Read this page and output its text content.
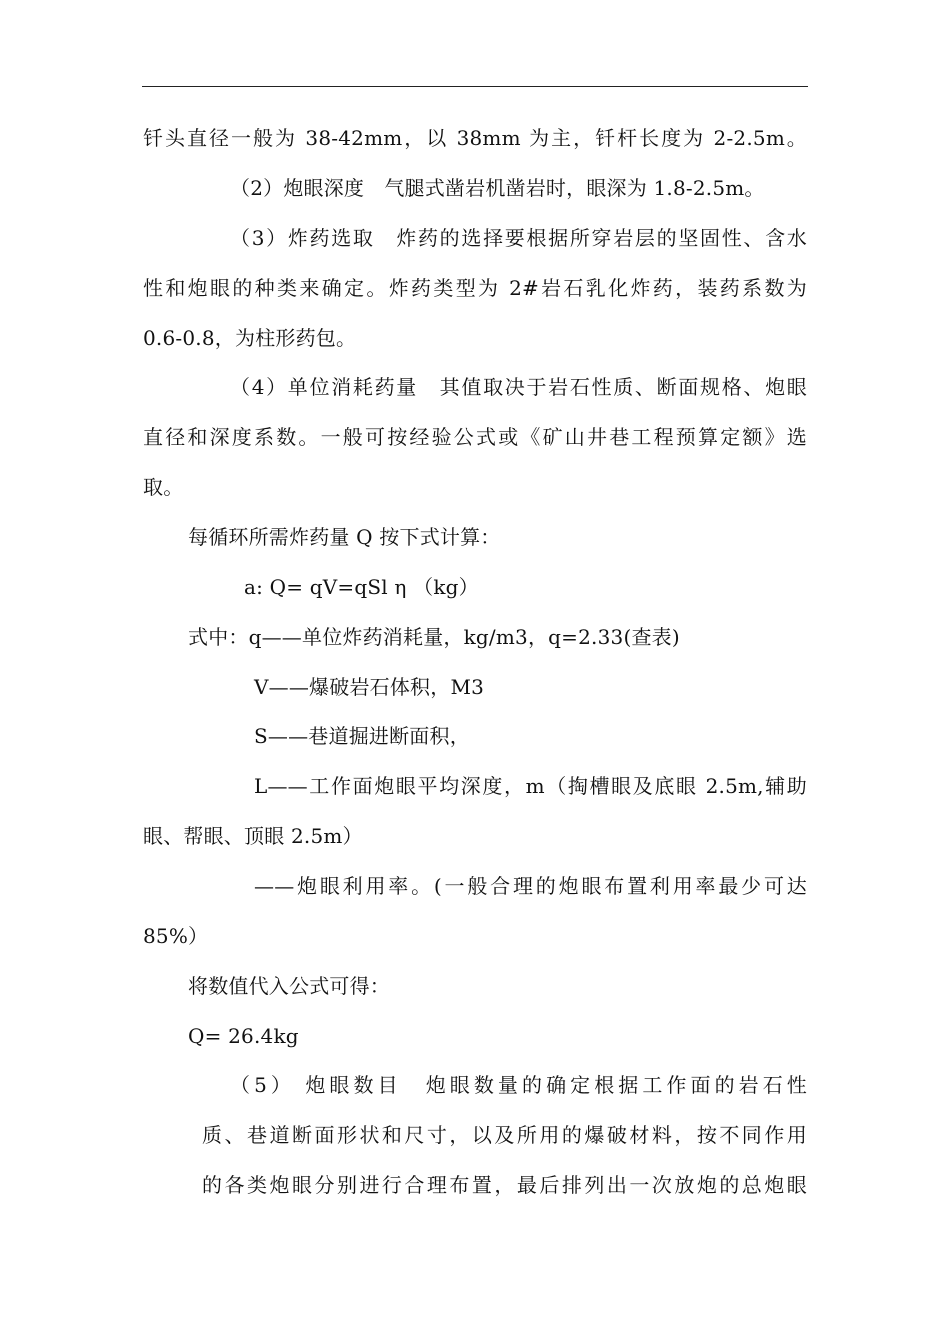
钎头直径一般为 38-42mm，以 38mm 为主，钎杆长度为 2-2.5m。
（2）炮眼深度　气腿式凿岩机凿岩时，眼深为 1.8-2.5m。
（3）炸药选取　炸药的选择要根据所穿岩层的坚固性、含水
性和炮眼的种类来确定。炸药类型为 2#岩石乳化炸药，装药系数为
0.6-0.8，为柱形药包。
（4）单位消耗药量　其值取决于岩石性质、断面规格、炮眼
直径和深度系数。一般可按经验公式或《矿山井巷工程预算定额》选
取。
每循环所需炸药量 Q 按下式计算：
a: Q= qV=qSl η （kg）
式中：q——单位炸药消耗量，kg/m3，q=2.33(查表)
V——爆破岩石体积，M3
S——巷道掘进断面积，
L——工作面炮眼平均深度，m（掏槽眼及底眼 2.5m,辅助
眼、帮眼、顶眼 2.5m）
——炮眼利用率。(一般合理的炮眼布置利用率最少可达
85%）
将数值代入公式可得：
Q= 26.4kg
（5） 炮眼数目　炮眼数量的确定根据工作面的岩石性
质、巷道断面形状和尺寸，以及所用的爆破材料，按不同作用
的各类炮眼分别进行合理布置，最后排列出一次放炮的总炮眼
